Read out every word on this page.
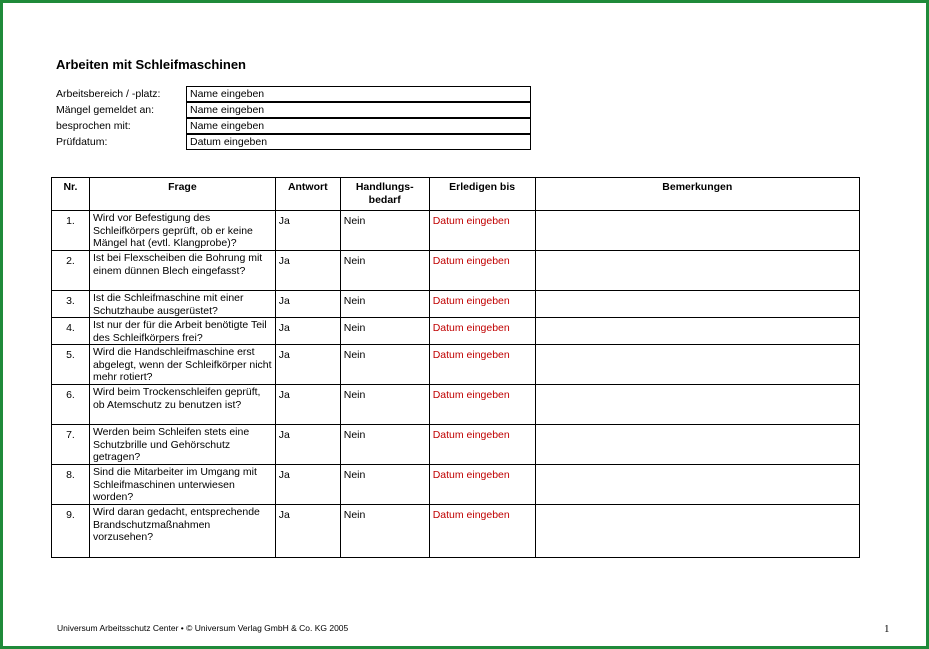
Arbeiten mit Schleifmaschinen
Arbeitsbereich / -platz:	Name eingeben
Mängel gemeldet an:	Name eingeben
besprochen mit:	Name eingeben
Prüfdatum:	Datum eingeben
Nr.	Frage	Antwort	Handlungs-bedarf	Erledigen bis	Bemerkungen
1.	Wird vor Befestigung des Schleifkörpers geprüft, ob er keine Mängel hat (evtl. Klangprobe)?	Ja	Nein	Datum eingeben	
2.	Ist bei Flexscheiben die Bohrung mit einem dünnen Blech eingefasst?	Ja	Nein	Datum eingeben	
3.	Ist die Schleifmaschine mit einer Schutzhaube ausgerüstet?	Ja	Nein	Datum eingeben	
4.	Ist nur der für die Arbeit benötigte Teil des Schleifkörpers frei?	Ja	Nein	Datum eingeben	
5.	Wird die Handschleifmaschine erst abgelegt, wenn der Schleifkörper nicht mehr rotiert?	Ja	Nein	Datum eingeben	
6.	Wird beim Trockenschleifen geprüft, ob Atemschutz zu benutzen ist?	Ja	Nein	Datum eingeben	
7.	Werden beim Schleifen stets eine Schutzbrille und Gehörschutz getragen?	Ja	Nein	Datum eingeben	
8.	Sind die Mitarbeiter im Umgang mit Schleifmaschinen unterwiesen worden?	Ja	Nein	Datum eingeben	
9.	Wird daran gedacht, entsprechende Brandschutzmaßnahmen vorzusehen?	Ja	Nein	Datum eingeben	
Universum Arbeitsschutz Center • © Universum Verlag GmbH & Co. KG 2005	1
